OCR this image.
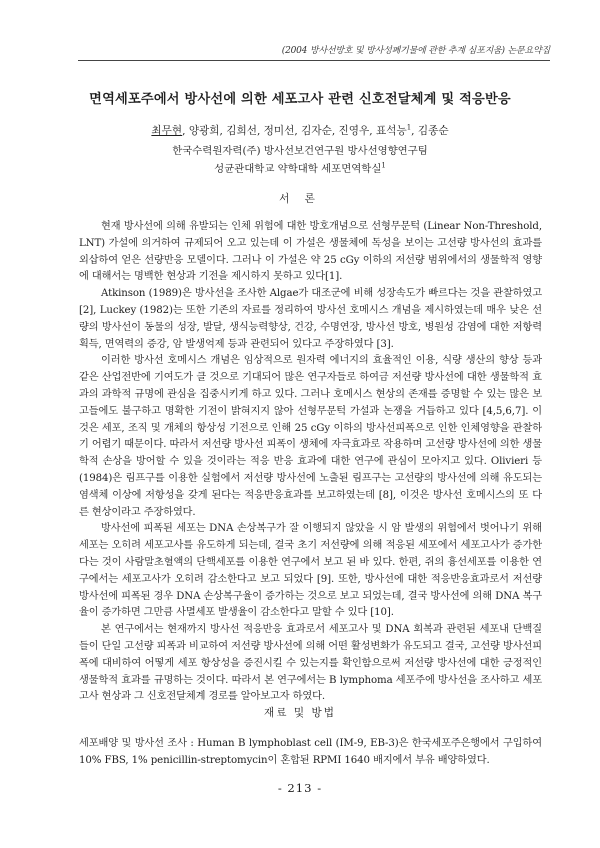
(2004 방사선방호 및 방사성폐기물에 관한 추계 심포지움) 논문요약집
면역세포주에서 방사선에 의한 세포고사 관련 신호전달체계 및 적응반응
최무현, 양광희, 김희선, 정미선, 김자순, 진영우, 표석능$^1$, 김종순
한국수력원자력(주) 방사선보건연구원 방사선영향연구팀
성균관대학교 약학대학 세포면역학실$^1$
서 론

현재 방사선에 의해 유발되는 인체 위험에 대한 방호개념으로 선형무문턱 (Linear Non-Threshold, LNT) 가설에 의거하여 규제되어 오고 있는데 이 가설은 생물체에 독성을 보이는 고선량 방사선의 효과를 외삽하여 얻은 선량반응 모델이다. 그러나 이 가설은 약 25 cGy 이하의 저선량 범위에서의 생물학적 영향에 대해서는 명백한 현상과 기전을 제시하지 못하고 있다[1].

Atkinson (1989)은 방사선을 조사한 Algae가 대조군에 비해 성장속도가 빠르다는 것을 관찰하였고 [2], Luckey (1982)는 또한 기존의 자료를 정리하여 방사선 호메시스 개념을 제시하였는데 매우 낮은 선량의 방사선이 동물의 성장, 발달, 생식능력향상, 건강, 수명연장, 방사선 방호, 병원성 감염에 대한 저항력 획득, 면역력의 증강, 암 발생억제 등과 관련되어 있다고 주장하였다 [3].

이러한 방사선 호메시스 개념은 임상적으로 원자력 에너지의 효율적인 이용, 식량 생산의 향상 등과 같은 산업전반에 기여도가 클 것으로 기대되어 많은 연구자들로 하여금 저선량 방사선에 대한 생물학적 효과의 과학적 규명에 관심을 집중시키게 하고 있다. 그러나 호메시스 현상의 존재를 증명할 수 있는 많은 보고들에도 불구하고 명확한 기전이 밝혀지지 않아 선형무문턱 가설과 논쟁을 거듭하고 있다 [4,5,6,7]. 이것은 세포, 조직 및 개체의 항상성 기전으로 인해 25 cGy 이하의 방사선피폭으로 인한 인체영향을 관찰하기 어렵기 때문이다. 따라서 저선량 방사선 피폭이 생체에 자극효과로 작용하며 고선량 방사선에 의한 생물학적 손상을 방어할 수 있을 것이라는 적응 반응 효과에 대한 연구에 관심이 모아지고 있다. Olivieri 등 (1984)은 림프구를 이용한 실험에서 저선량 방사선에 노출된 림프구는 고선량의 방사선에 의해 유도되는 염색체 이상에 저항성을 갖게 된다는 적응반응효과를 보고하였는데 [8], 이것은 방사선 호메시스의 또 다른 현상이라고 주장하였다.

방사선에 피폭된 세포는 DNA 손상복구가 잘 이행되지 않았을 시 암 발생의 위험에서 벗어나기 위해 세포는 오히려 세포고사를 유도하게 되는데, 결국 초기 저선량에 의해 적응된 세포에서 세포고사가 증가한다는 것이 사람말초혈액의 단핵세포를 이용한 연구에서 보고 된 바 있다. 한편, 쥐의 흉선세포를 이용한 연구에서는 세포고사가 오히려 감소한다고 보고 되었다 [9]. 또한, 방사선에 대한 적응반응효과로서 저선량 방사선에 피폭된 경우 DNA 손상복구율이 증가하는 것으로 보고 되었는데, 결국 방사선에 의해 DNA 복구율이 증가하면 그만큼 사멸세포 발생율이 감소한다고 말할 수 있다 [10].

본 연구에서는 현재까지 방사선 적응반응 효과로서 세포고사 및 DNA 회복과 관련된 세포내 단백질들이 단일 고선량 피폭과 비교하여 저선량 방사선에 의해 어떤 활성변화가 유도되고 결국, 고선량 방사선피폭에 대비하여 어떻게 세포 항상성을 증진시킬 수 있는지를 확인함으로써 저선량 방사선에 대한 긍정적인 생물학적 효과를 규명하는 것이다. 따라서 본 연구에서는 B lymphoma 세포주에 방사선을 조사하고 세포고사 현상과 그 신호전달체계 경로를 알아보고자 하였다.

재료 및 방법

세포배양 및 방사선 조사 : Human B lymphoblast cell (IM-9, EB-3)은 한국세포주은행에서 구입하여 10% FBS, 1% penicillin-streptomycin이 혼합된 RPMI 1640 배지에서 부유 배양하였다.

- 213 -
